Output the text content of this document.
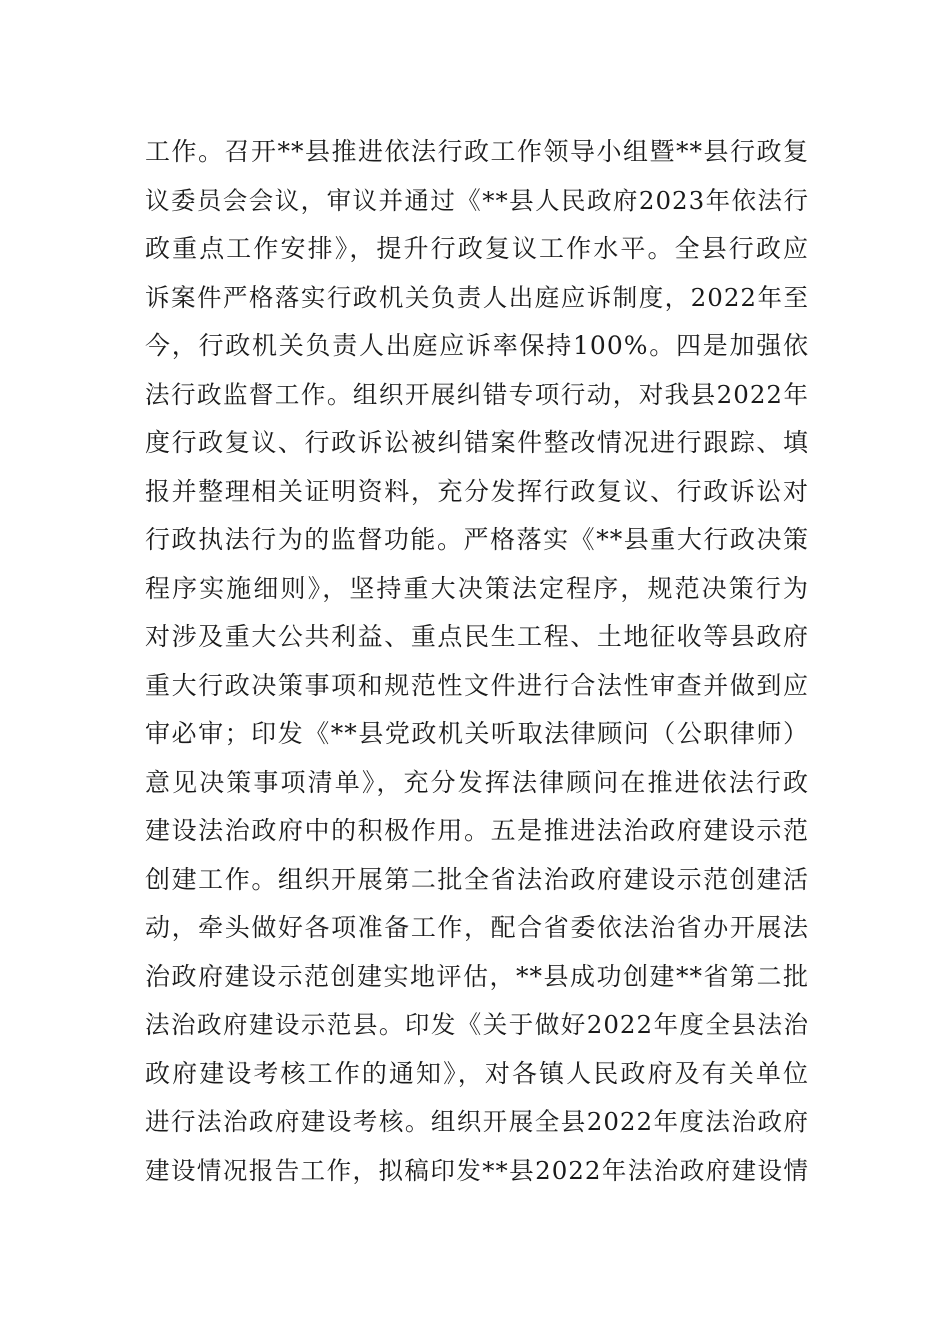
工作。召开**县推进依法行政工作领导小组暨**县行政复
议委员会会议，审议并通过《**县人民政府2023年依法行
政重点工作安排》，提升行政复议工作水平。全县行政应
诉案件严格落实行政机关负责人出庭应诉制度，2022年至
今，行政机关负责人出庭应诉率保持100%。四是加强依
法行政监督工作。组织开展纠错专项行动，对我县2022年
度行政复议、行政诉讼被纠错案件整改情况进行跟踪、填
报并整理相关证明资料，充分发挥行政复议、行政诉讼对
行政执法行为的监督功能。严格落实《**县重大行政决策
程序实施细则》，坚持重大决策法定程序，规范决策行为
对涉及重大公共利益、重点民生工程、土地征收等县政府
重大行政决策事项和规范性文件进行合法性审查并做到应
审必审；印发《**县党政机关听取法律顾问（公职律师）
意见决策事项清单》，充分发挥法律顾问在推进依法行政
建设法治政府中的积极作用。五是推进法治政府建设示范
创建工作。组织开展第二批全省法治政府建设示范创建活
动，牵头做好各项准备工作，配合省委依法治省办开展法
治政府建设示范创建实地评估，**县成功创建**省第二批
法治政府建设示范县。印发《关于做好2022年度全县法治
政府建设考核工作的通知》，对各镇人民政府及有关单位
进行法治政府建设考核。组织开展全县2022年度法治政府
建设情况报告工作，拟稿印发**县2022年法治政府建设情
